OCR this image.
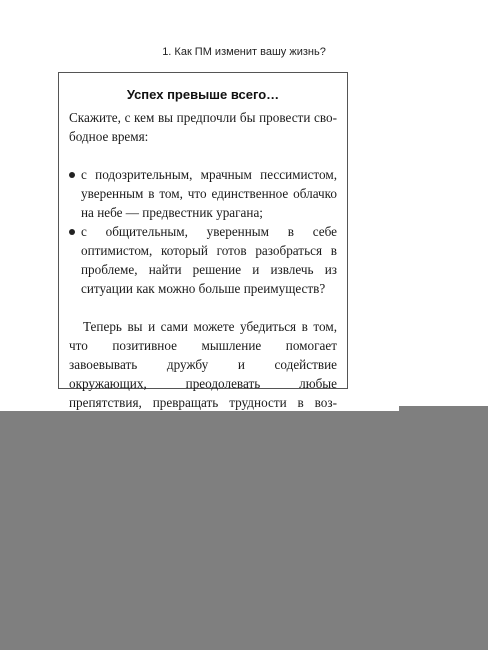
1. Как ПМ изменит вашу жизнь?
Успех превыше всего…

Скажите, с кем вы предпочли бы провести свободное время:

с подозрительным, мрачным пессимистом, уверенным в том, что единственное облачко на небе — предвестник урагана;
с общительным, уверенным в себе оптимистом, который готов разобраться в проблеме, найти решение и извлечь из ситуации как можно больше преимуществ?

Теперь вы и сами можете убедиться в том, что позитивное мышление помогает завоевывать дружбу и содействие окружающих, преодолевать любые препятствия, превращать трудности в воз
